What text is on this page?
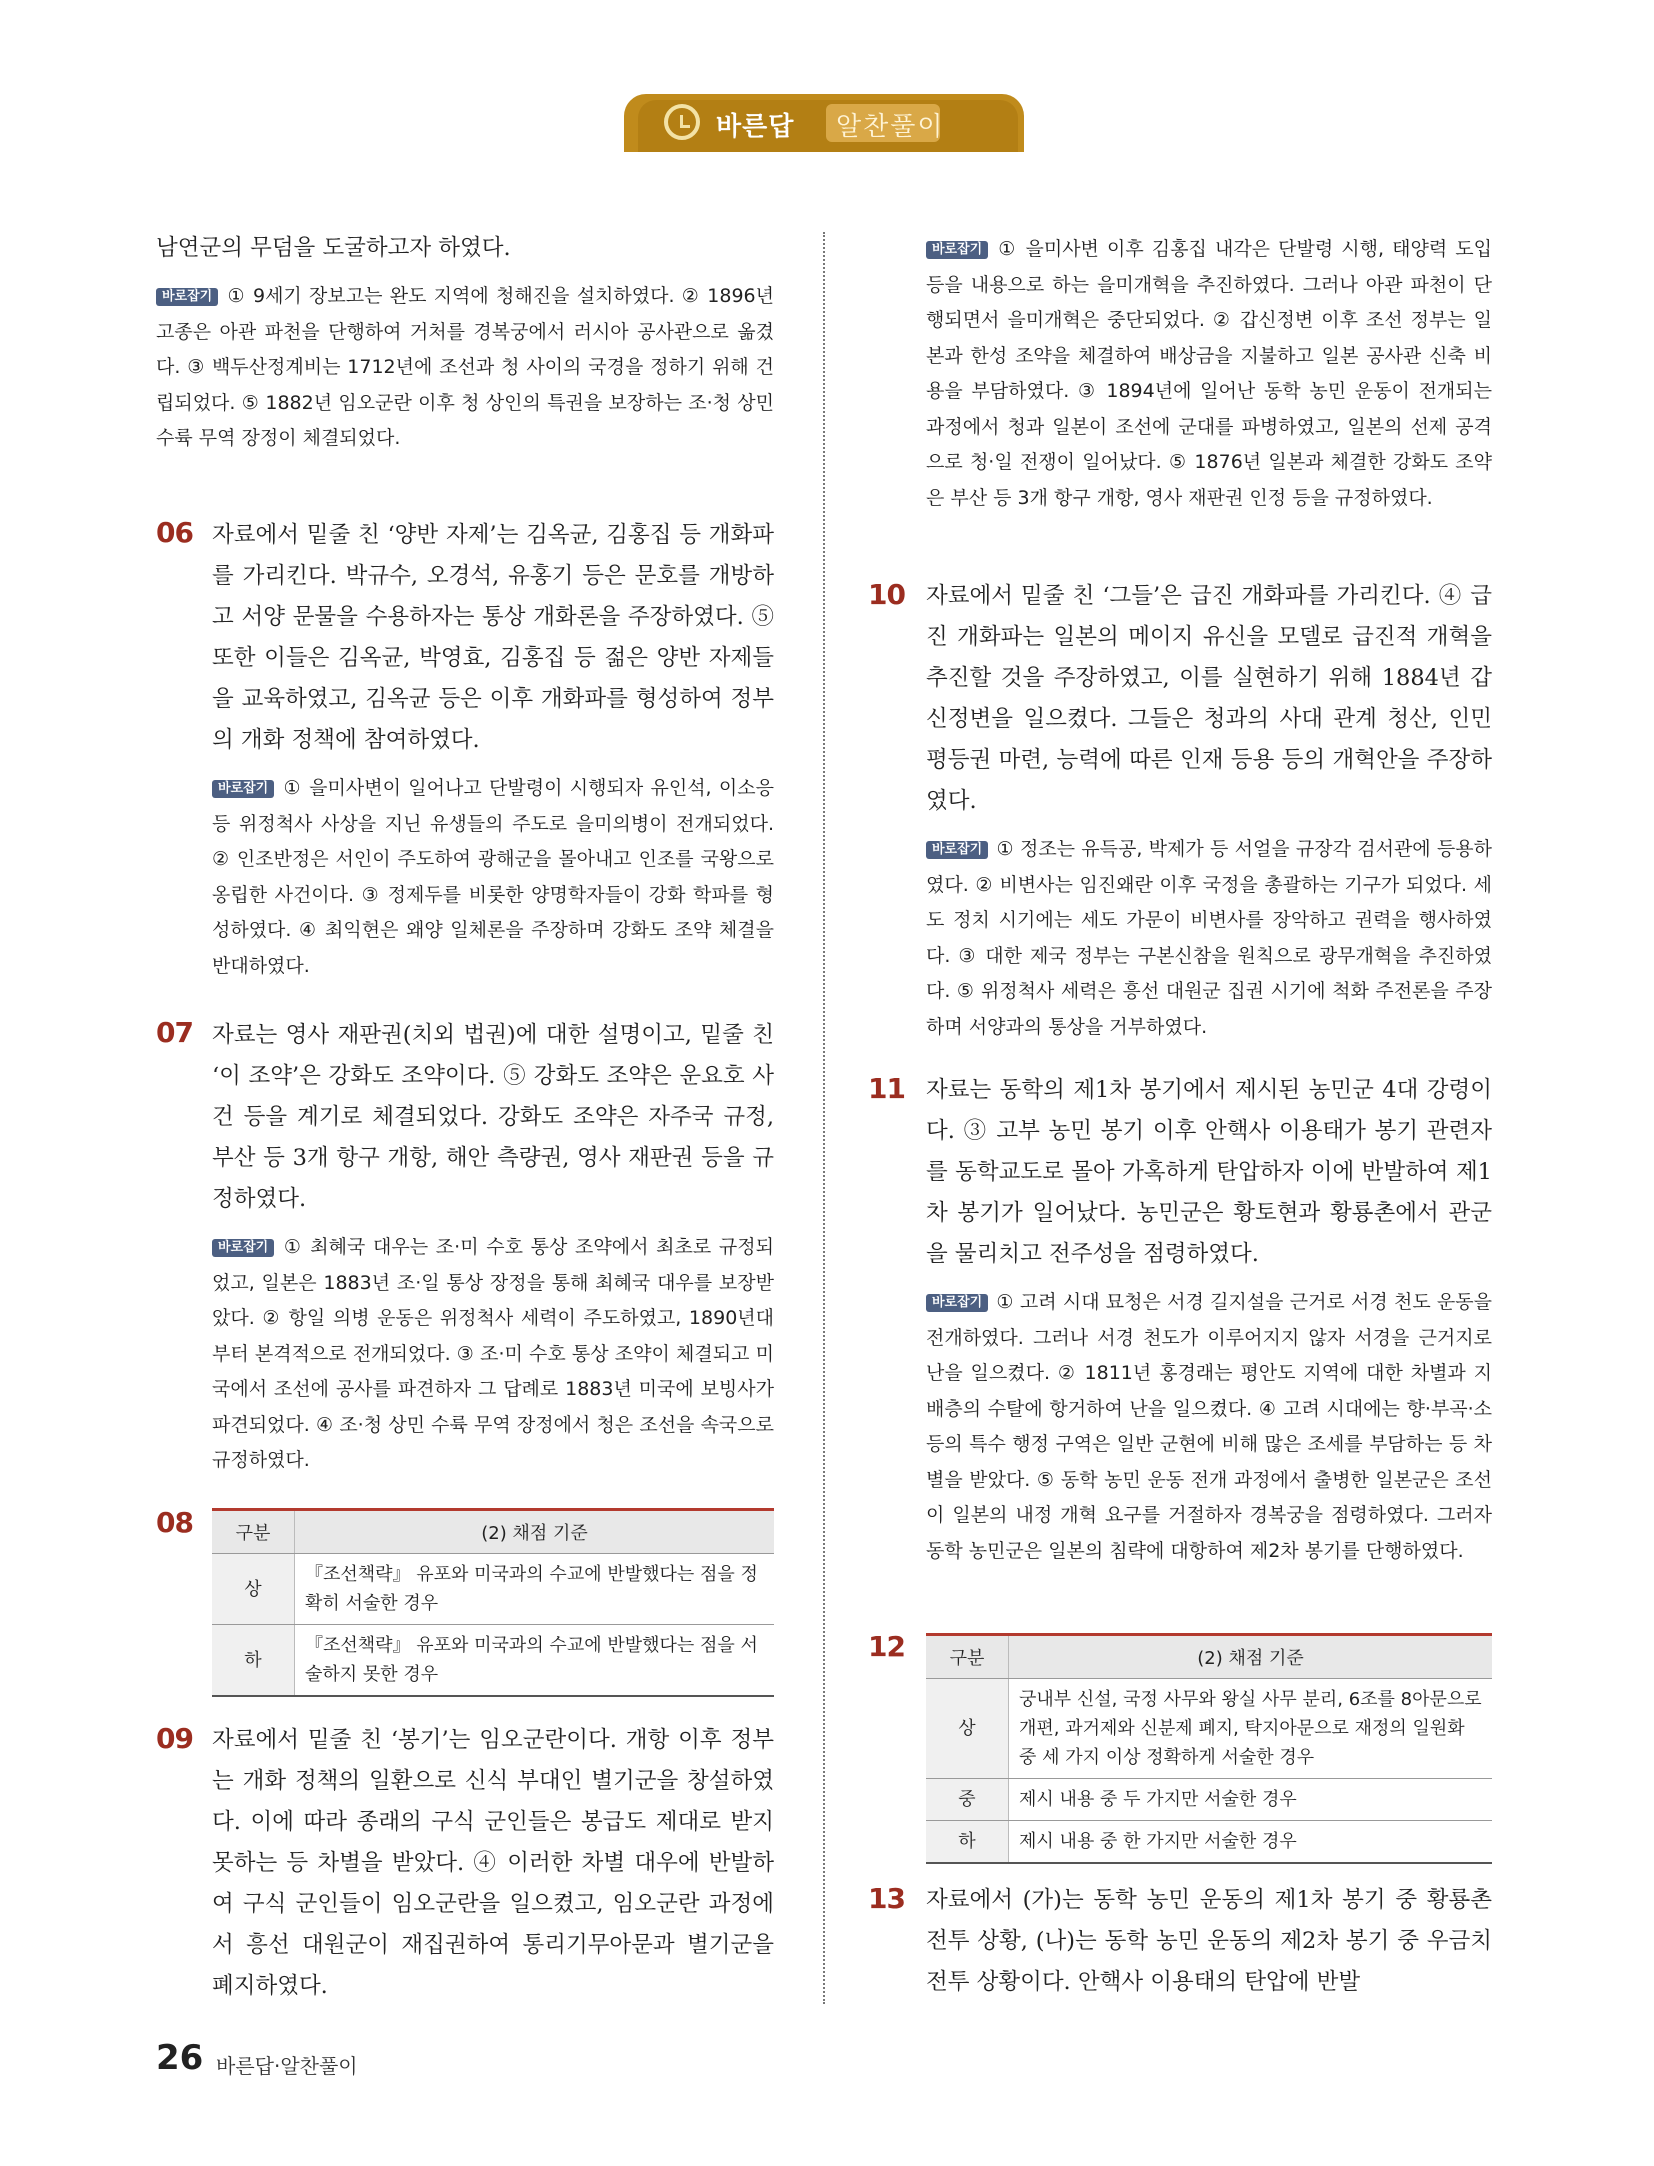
바른답 알찬풀이

남연군의 무덤을 도굴하고자 하였다.

바로잡기 ① 9세기 장보고는 완도 지역에 청해진을 설치하였다. ② 1896년 고종은 아관 파천을 단행하여 거처를 경복궁에서 러시아 공사관으로 옮겼다. ③ 백두산정계비는 1712년에 조선과 청 사이의 국경을 정하기 위해 건립되었다. ⑤ 1882년 임오군란 이후 청 상인의 특권을 보장하는 조·청 상민 수륙 무역 장정이 체결되었다.

06 자료에서 밑줄 친 ‘양반 자제’는 김옥균, 김홍집 등 개화파를 가리킨다. 박규수, 오경석, 유홍기 등은 문호를 개방하고 서양 문물을 수용하자는 통상 개화론을 주장하였다. ⑤ 또한 이들은 김옥균, 박영효, 김홍집 등 젊은 양반 자제들을 교육하였고, 김옥균 등은 이후 개화파를 형성하여 정부의 개화 정책에 참여하였다.

바로잡기 ① 을미사변이 일어나고 단발령이 시행되자 유인석, 이소응 등 위정척사 사상을 지닌 유생들의 주도로 을미의병이 전개되었다. ② 인조반정은 서인이 주도하여 광해군을 몰아내고 인조를 국왕으로 옹립한 사건이다. ③ 정제두를 비롯한 양명학자들이 강화 학파를 형성하였다. ④ 최익현은 왜양 일체론을 주장하며 강화도 조약 체결을 반대하였다.

07 자료는 영사 재판권(치외 법권)에 대한 설명이고, 밑줄 친 ‘이 조약’은 강화도 조약이다. ⑤ 강화도 조약은 운요호 사건 등을 계기로 체결되었다. 강화도 조약은 자주국 규정, 부산 등 3개 항구 개항, 해안 측량권, 영사 재판권 등을 규정하였다.

바로잡기 ① 최혜국 대우는 조·미 수호 통상 조약에서 최초로 규정되었고, 일본은 1883년 조·일 통상 장정을 통해 최혜국 대우를 보장받았다. ② 항일 의병 운동은 위정척사 세력이 주도하였고, 1890년대부터 본격적으로 전개되었다. ③ 조·미 수호 통상 조약이 체결되고 미국에서 조선에 공사를 파견하자 그 답례로 1883년 미국에 보빙사가 파견되었다. ④ 조·청 상민 수륙 무역 장정에서 청은 조선을 속국으로 규정하였다.

08 구분	(2) 채점 기준
상	『조선책략』 유포와 미국과의 수교에 반발했다는 점을 정확히 서술한 경우
하	『조선책략』 유포와 미국과의 수교에 반발했다는 점을 서술하지 못한 경우
09 자료에서 밑줄 친 ‘봉기’는 임오군란이다. 개항 이후 정부는 개화 정책의 일환으로 신식 부대인 별기군을 창설하였다. 이에 따라 종래의 구식 군인들은 봉급도 제대로 받지 못하는 등 차별을 받았다. ④ 이러한 차별 대우에 반발하여 구식 군인들이 임오군란을 일으켰고, 임오군란 과정에서 흥선 대원군이 재집권하여 통리기무아문과 별기군을 폐지하였다.

바로잡기 ① 을미사변 이후 김홍집 내각은 단발령 시행, 태양력 도입 등을 내용으로 하는 을미개혁을 추진하였다. 그러나 아관 파천이 단행되면서 을미개혁은 중단되었다. ② 갑신정변 이후 조선 정부는 일본과 한성 조약을 체결하여 배상금을 지불하고 일본 공사관 신축 비용을 부담하였다. ③ 1894년에 일어난 동학 농민 운동이 전개되는 과정에서 청과 일본이 조선에 군대를 파병하였고, 일본의 선제 공격으로 청·일 전쟁이 일어났다. ⑤ 1876년 일본과 체결한 강화도 조약은 부산 등 3개 항구 개항, 영사 재판권 인정 등을 규정하였다.

10 자료에서 밑줄 친 ‘그들’은 급진 개화파를 가리킨다. ④ 급진 개화파는 일본의 메이지 유신을 모델로 급진적 개혁을 추진할 것을 주장하였고, 이를 실현하기 위해 1884년 갑신정변을 일으켰다. 그들은 청과의 사대 관계 청산, 인민 평등권 마련, 능력에 따른 인재 등용 등의 개혁안을 주장하였다.

바로잡기 ① 정조는 유득공, 박제가 등 서얼을 규장각 검서관에 등용하였다. ② 비변사는 임진왜란 이후 국정을 총괄하는 기구가 되었다. 세도 정치 시기에는 세도 가문이 비변사를 장악하고 권력을 행사하였다. ③ 대한 제국 정부는 구본신참을 원칙으로 광무개혁을 추진하였다. ⑤ 위정척사 세력은 흥선 대원군 집권 시기에 척화 주전론을 주장하며 서양과의 통상을 거부하였다.

11 자료는 동학의 제1차 봉기에서 제시된 농민군 4대 강령이다. ③ 고부 농민 봉기 이후 안핵사 이용태가 봉기 관련자를 동학교도로 몰아 가혹하게 탄압하자 이에 반발하여 제1차 봉기가 일어났다. 농민군은 황토현과 황룡촌에서 관군을 물리치고 전주성을 점령하였다.

바로잡기 ① 고려 시대 묘청은 서경 길지설을 근거로 서경 천도 운동을 전개하였다. 그러나 서경 천도가 이루어지지 않자 서경을 근거지로 난을 일으켰다. ② 1811년 홍경래는 평안도 지역에 대한 차별과 지배층의 수탈에 항거하여 난을 일으켰다. ④ 고려 시대에는 향·부곡·소 등의 특수 행정 구역은 일반 군현에 비해 많은 조세를 부담하는 등 차별을 받았다. ⑤ 동학 농민 운동 전개 과정에서 출병한 일본군은 조선이 일본의 내정 개혁 요구를 거절하자 경복궁을 점령하였다. 그러자 동학 농민군은 일본의 침략에 대항하여 제2차 봉기를 단행하였다.

12 구분	(2) 채점 기준
상	궁내부 신설, 국정 사무와 왕실 사무 분리, 6조를 8아문으로 개편, 과거제와 신분제 폐지, 탁지아문으로 재정의 일원화 중 세 가지 이상 정확하게 서술한 경우
중	제시 내용 중 두 가지만 서술한 경우
하	제시 내용 중 한 가지만 서술한 경우
13 자료에서 (가)는 동학 농민 운동의 제1차 봉기 중 황룡촌 전투 상황, (나)는 동학 농민 운동의 제2차 봉기 중 우금치 전투 상황이다. 안핵사 이용태의 탄압에 반발

26 바른답·알찬풀이
